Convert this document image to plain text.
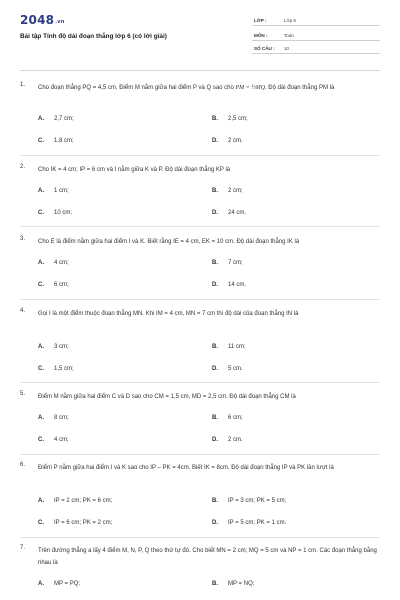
2048.vn
Bài tập Tính độ dài đoạn thẳng lớp 6 (có lời giải)
LỚP :	Lớp 6
MÔN :	Toán
SỐ CÂU : 10
1. Cho đoạn thẳng PQ = 4,5 cm. Điểm M nằm giữa hai điểm P và Q sao cho PM = ½MQ. Độ dài đoạn thẳng PM là
A. 2,7 cm;	B. 2,5 cm;
C. 1,8 cm;	D. 2 cm.
2. Cho IK = 4 cm; IP = 6 cm và I nằm giữa K và P. Độ dài đoạn thẳng KP là
A. 1 cm;	B. 2 cm;
C. 10 cm;	D. 24 cm.
3. Cho E là điểm nằm giữa hai điểm I và K. Biết rằng IE = 4 cm, EK = 10 cm. Độ dài đoạn thẳng IK là
A. 4 cm;	B. 7 cm;
C. 6 cm;	D. 14 cm.
4. Gọi I là một điểm thuộc đoạn thẳng MN. Khi IM = 4 cm, MN = 7 cm thì độ dài của đoạn thẳng IN là
A. 3 cm;	B. 11 cm;
C. 1,5 cm;	D. 5 cm.
5. Điểm M nằm giữa hai điểm C và D sao cho CM = 1,5 cm, MD = 2,5 cm. Độ dài đoạn thẳng CM là
A. 8 cm;	B. 6 cm;
C. 4 cm;	D. 2 cm.
6. Điểm P nằm giữa hai điểm I và K sao cho IP – PK = 4cm. Biết IK = 8cm. Độ dài đoạn thẳng IP và PK lần lượt là
A. IP = 2 cm; PK = 6 cm;	B. IP = 3 cm; PK = 5 cm;
C. IP = 6 cm; PK = 2 cm;	D. IP = 5 cm; PK = 1 cm.
7. Trên đường thẳng a lấy 4 điểm M, N, P, Q theo thứ tự đó. Cho biết MN = 2 cm; MQ = 5 cm và NP = 1 cm. Các đoạn thẳng bằng nhau là
A. MP = PQ;	B. MP = NQ;
